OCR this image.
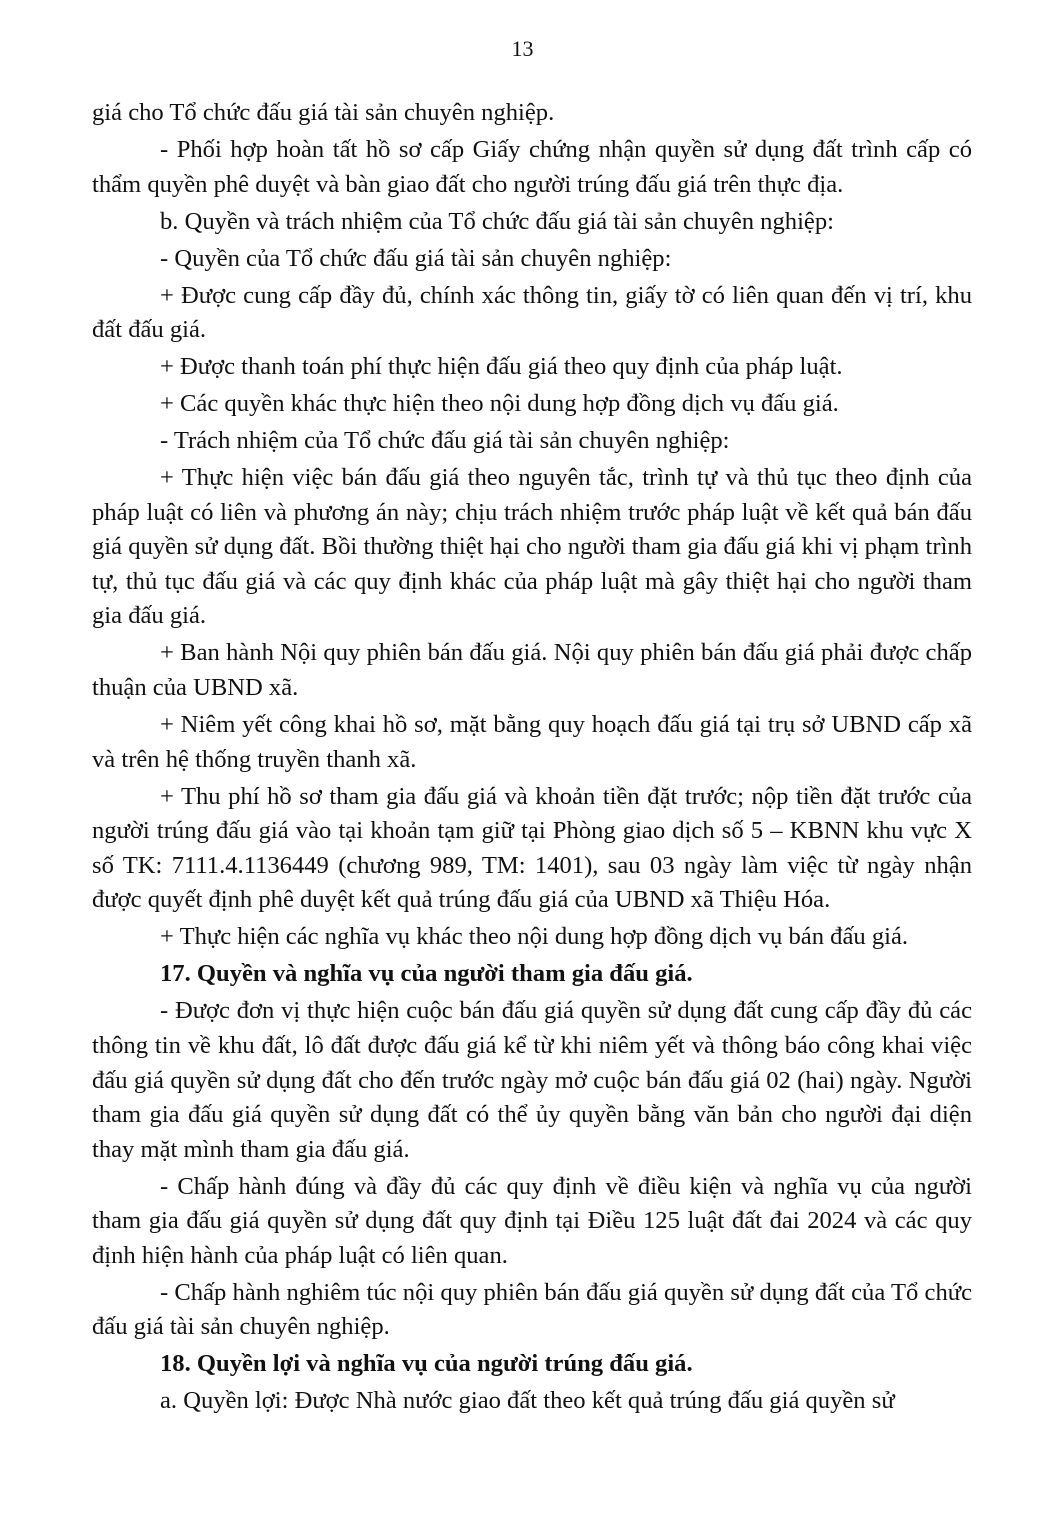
13

giá cho Tổ chức đấu giá tài sản chuyên nghiệp.

- Phối hợp hoàn tất hồ sơ cấp Giấy chứng nhận quyền sử dụng đất trình cấp có thẩm quyền phê duyệt và bàn giao đất cho người trúng đấu giá trên thực địa.

b. Quyền và trách nhiệm của Tổ chức đấu giá tài sản chuyên nghiệp:

- Quyền của Tổ chức đấu giá tài sản chuyên nghiệp:

+ Được cung cấp đầy đủ, chính xác thông tin, giấy tờ có liên quan đến vị trí, khu đất đấu giá.

+ Được thanh toán phí thực hiện đấu giá theo quy định của pháp luật.

+ Các quyền khác thực hiện theo nội dung hợp đồng dịch vụ đấu giá.

- Trách nhiệm của Tổ chức đấu giá tài sản chuyên nghiệp:

+ Thực hiện việc bán đấu giá theo nguyên tắc, trình tự và thủ tục theo định của pháp luật có liên và phương án này; chịu trách nhiệm trước pháp luật về kết quả bán đấu giá quyền sử dụng đất. Bồi thường thiệt hại cho người tham gia đấu giá khi vị phạm trình tự, thủ tục đấu giá và các quy định khác của pháp luật mà gây thiệt hại cho người tham gia đấu giá.

+ Ban hành Nội quy phiên bán đấu giá. Nội quy phiên bán đấu giá phải được chấp thuận của UBND xã.

+ Niêm yết công khai hồ sơ, mặt bằng quy hoạch đấu giá tại trụ sở UBND cấp xã và trên hệ thống truyền thanh xã.

+ Thu phí hồ sơ tham gia đấu giá và khoản tiền đặt trước; nộp tiền đặt trước của người trúng đấu giá vào tại khoản tạm giữ tại Phòng giao dịch số 5 – KBNN khu vực X số TK: 7111.4.1136449 (chương 989, TM: 1401), sau 03 ngày làm việc từ ngày nhận được quyết định phê duyệt kết quả trúng đấu giá của UBND xã Thiệu Hóa.

+ Thực hiện các nghĩa vụ khác theo nội dung hợp đồng dịch vụ bán đấu giá.

17. Quyền và nghĩa vụ của người tham gia đấu giá.

- Được đơn vị thực hiện cuộc bán đấu giá quyền sử dụng đất cung cấp đầy đủ các thông tin về khu đất, lô đất được đấu giá kể từ khi niêm yết và thông báo công khai việc đấu giá quyền sử dụng đất cho đến trước ngày mở cuộc bán đấu giá 02 (hai) ngày. Người tham gia đấu giá quyền sử dụng đất có thể ủy quyền bằng văn bản cho người đại diện thay mặt mình tham gia đấu giá.

- Chấp hành đúng và đầy đủ các quy định về điều kiện và nghĩa vụ của người tham gia đấu giá quyền sử dụng đất quy định tại Điều 125 luật đất đai 2024 và các quy định hiện hành của pháp luật có liên quan.

- Chấp hành nghiêm túc nội quy phiên bán đấu giá quyền sử dụng đất của Tổ chức đấu giá tài sản chuyên nghiệp.

18. Quyền lợi và nghĩa vụ của người trúng đấu giá.

a. Quyền lợi: Được Nhà nước giao đất theo kết quả trúng đấu giá quyền sử
